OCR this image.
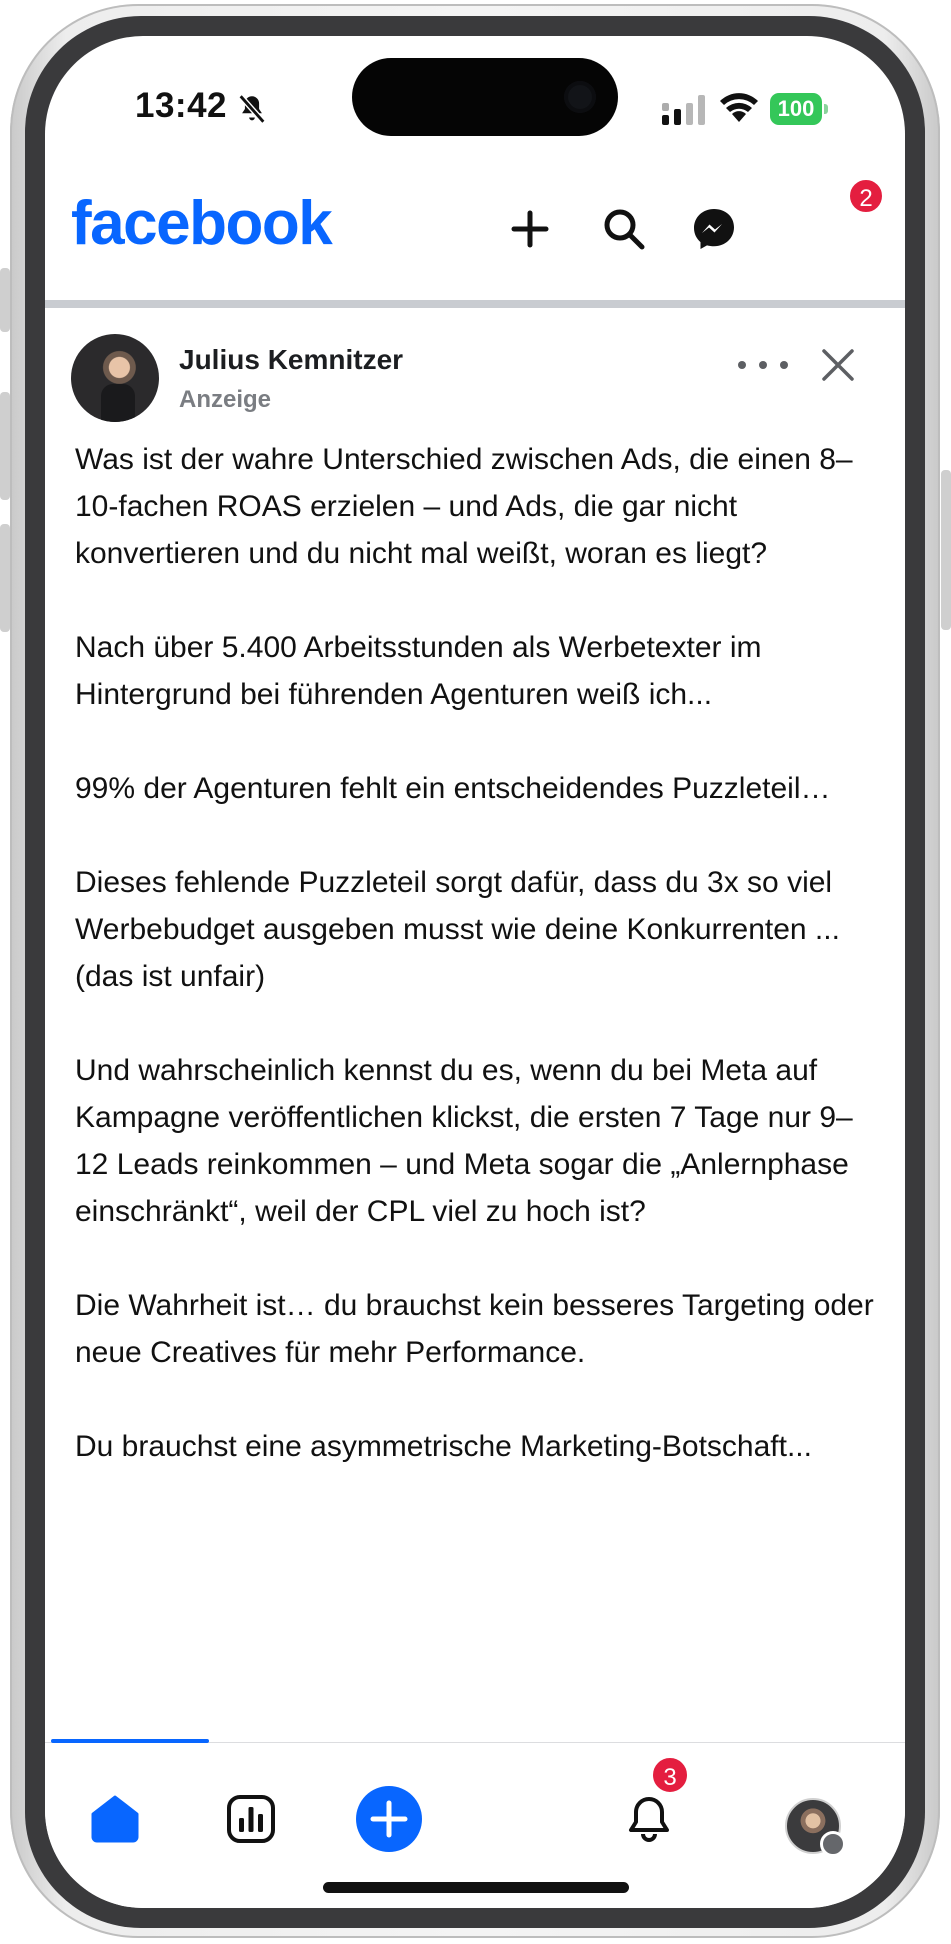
13:42	100
facebook	2
Julius Kemnitzer
Anzeige

Was ist der wahre Unterschied zwischen Ads, die einen 8–10-fachen ROAS erzielen – und Ads, die gar nicht konvertieren und du nicht mal weißt, woran es liegt?

Nach über 5.400 Arbeitsstunden als Werbetexter im Hintergrund bei führenden Agenturen weiß ich...

99% der Agenturen fehlt ein entscheidendes Puzzleteil…

Dieses fehlende Puzzleteil sorgt dafür, dass du 3x so viel Werbebudget ausgeben musst wie deine Konkurrenten ... (das ist unfair)

Und wahrscheinlich kennst du es, wenn du bei Meta auf Kampagne veröffentlichen klickst, die ersten 7 Tage nur 9–12 Leads reinkommen – und Meta sogar die „Anlernphase einschränkt“, weil der CPL viel zu hoch ist?

Die Wahrheit ist… du brauchst kein besseres Targeting oder neue Creatives für mehr Performance.

Du brauchst eine asymmetrische Marketing-Botschaft...

3
